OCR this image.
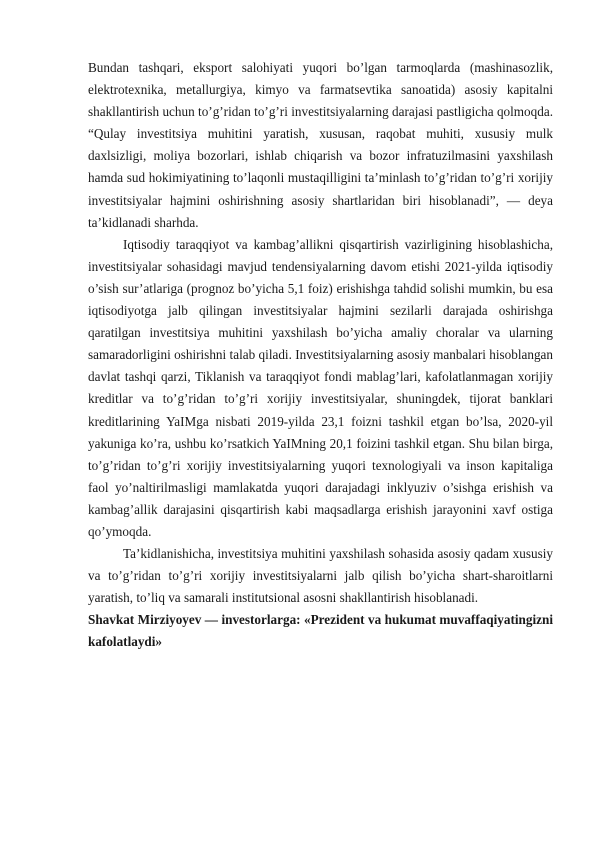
Bundan tashqari, eksport salohiyati yuqori bo’lgan tarmoqlarda (mashinasozlik, elektrotexnika, metallurgiya, kimyo va farmatsevtika sanoatida) asosiy kapitalni shakllantirish uchun to’g’ridan to’g’ri investitsiyalarning darajasi pastligicha qolmoqda. “Qulay investitsiya muhitini yaratish, xususan, raqobat muhiti, xususiy mulk daxlsizligi, moliya bozorlari, ishlab chiqarish va bozor infratuzilmasini yaxshilash hamda sud hokimiyatining to’laqonli mustaqilligini ta’minlash to’g’ridan to’g’ri xorijiy investitsiyalar hajmini oshirishning asosiy shartlaridan biri hisoblanadi”, — deya ta’kidlanadi sharhda.

Iqtisodiy taraqqiyot va kambag’allikni qisqartirish vazirligining hisoblashicha, investitsiyalar sohasidagi mavjud tendensiyalarning davom etishi 2021-yilda iqtisodiy o’sish sur’atlariga (prognoz bo’yicha 5,1 foiz) erishishga tahdid solishi mumkin, bu esa iqtisodiyotga jalb qilingan investitsiyalar hajmini sezilarli darajada oshirishga qaratilgan investitsiya muhitini yaxshilash bo’yicha amaliy choralar va ularning samaradorligini oshirishni talab qiladi. Investitsiyalarning asosiy manbalari hisoblangan davlat tashqi qarzi, Tiklanish va taraqqiyot fondi mablag’lari, kafolatlanmagan xorijiy kreditlar va to’g’ridan to’g’ri xorijiy investitsiyalar, shuningdek, tijorat banklari kreditlarining YaIMga nisbati 2019-yilda 23,1 foizni tashkil etgan bo’lsa, 2020-yil yakuniga ko’ra, ushbu ko’rsatkich YaIMning 20,1 foizini tashkil etgan. Shu bilan birga, to’g’ridan to’g’ri xorijiy investitsiyalarning yuqori texnologiyali va inson kapitaliga faol yo’naltirilmasligi mamlakatda yuqori darajadagi inklyuziv o’sishga erishish va kambag’allik darajasini qisqartirish kabi maqsadlarga erishish jarayonini xavf ostiga qo’ymoqda.

Ta’kidlanishicha, investitsiya muhitini yaxshilash sohasida asosiy qadam xususiy va to’g’ridan to’g’ri xorijiy investitsiyalarni jalb qilish bo’yicha shart-sharoitlarni yaratish, to’liq va samarali institutsional asosni shakllantirish hisoblanadi.

Shavkat Mirziyoyev — investorlarga: «Prezident va hukumat muvaffaqiyatingizni kafolatlaydi»
